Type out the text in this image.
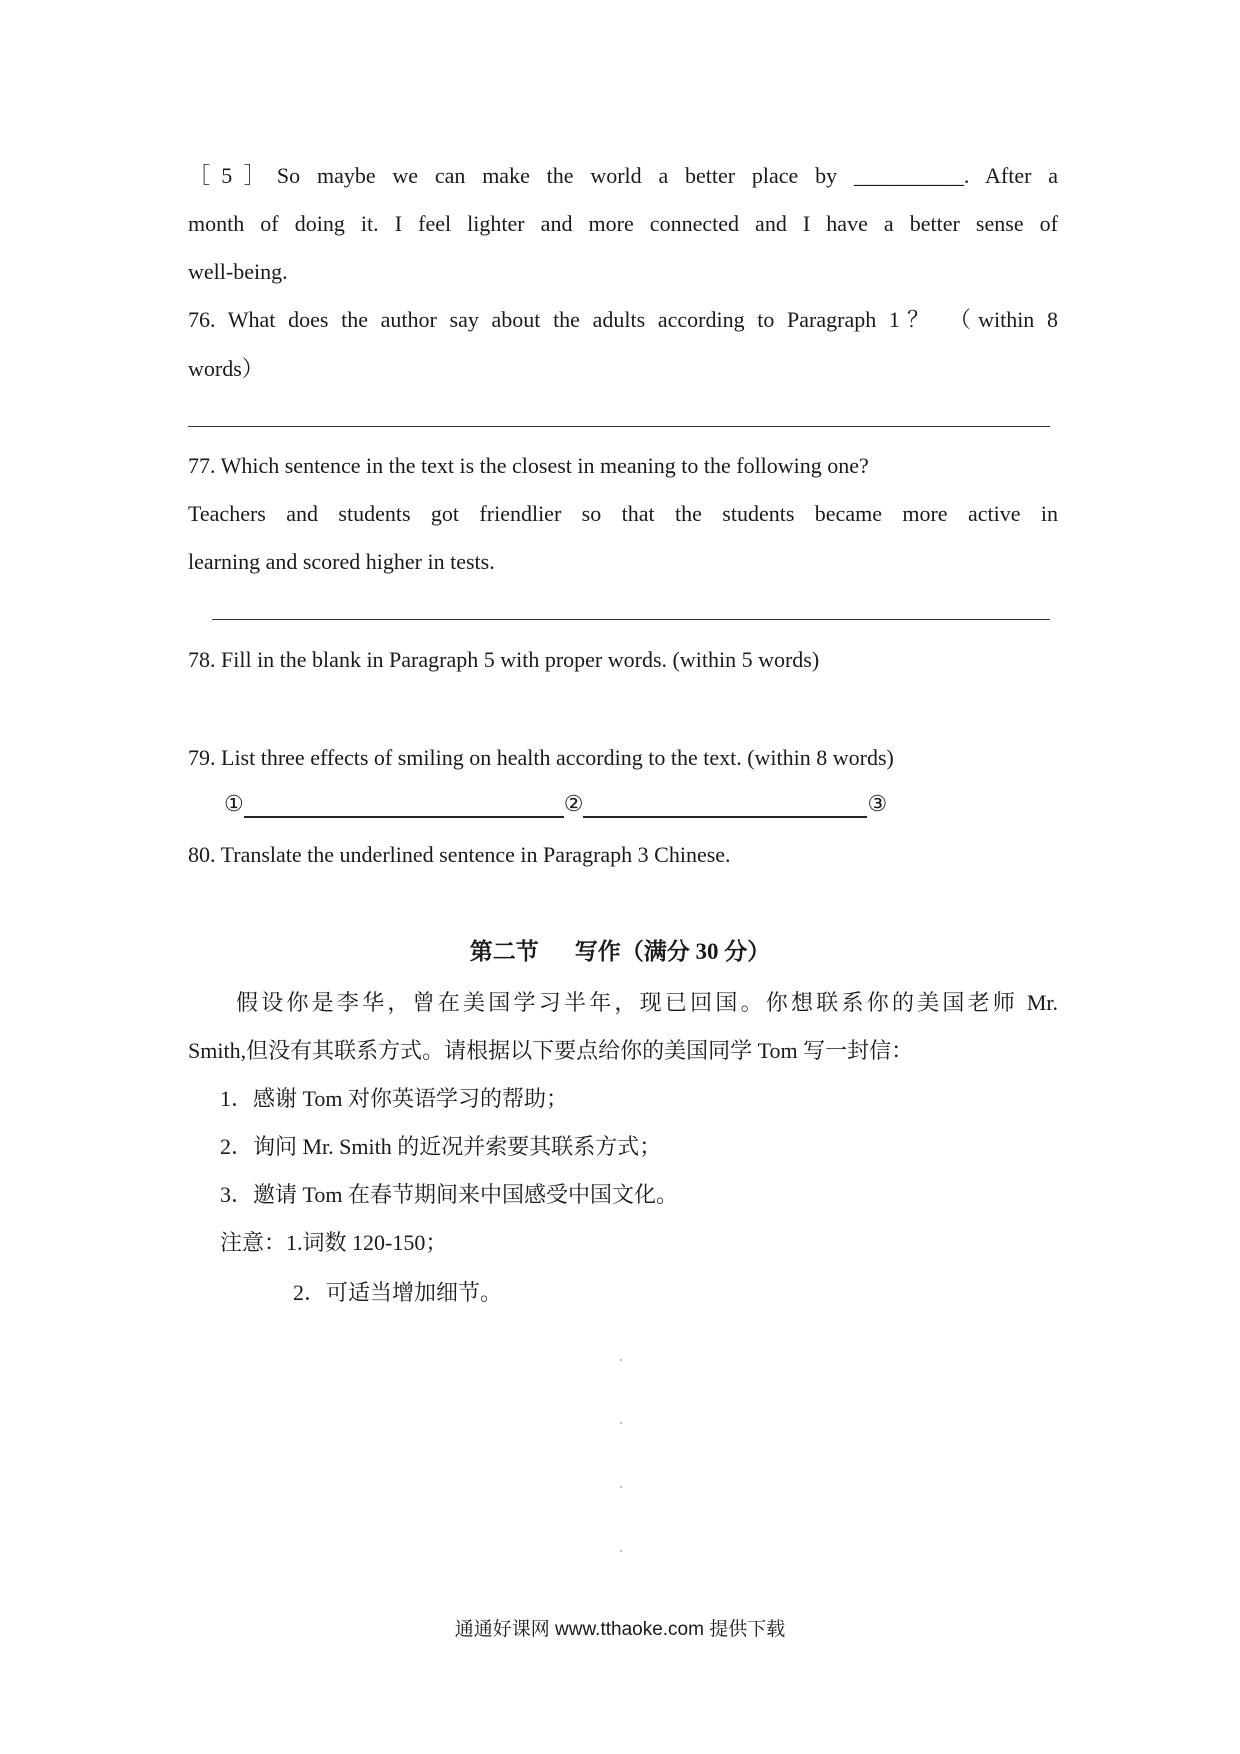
［5］So maybe we can make the world a better place by __________. After a
month of doing it. I feel lighter and more connected and I have a better sense of
well-being.
76. What does the author say about the adults according to Paragraph 1？ （within 8
words）
77. Which sentence in the text is the closest in meaning to the following one?
Teachers and students got friendlier so that the students became more active in
learning and scored higher in tests.
78. Fill in the blank in Paragraph 5 with proper words. (within 5 words)
79. List three effects of smiling on health according to the text. (within 8 words)
①	②	③
80. Translate the underlined sentence in Paragraph 3 Chinese.
第二节 写作（满分 30 分）
假设你是李华，曾在美国学习半年，现已回国。你想联系你的美国老师 Mr.
Smith,但没有其联系方式。请根据以下要点给你的美国同学 Tom 写一封信：
1．感谢 Tom 对你英语学习的帮助；
2．询问 Mr. Smith 的近况并索要其联系方式；
3．邀请 Tom 在春节期间来中国感受中国文化。
注意：1.词数 120-150；
2．可适当增加细节。
通通好课网 www.tthaoke.com 提供下载
